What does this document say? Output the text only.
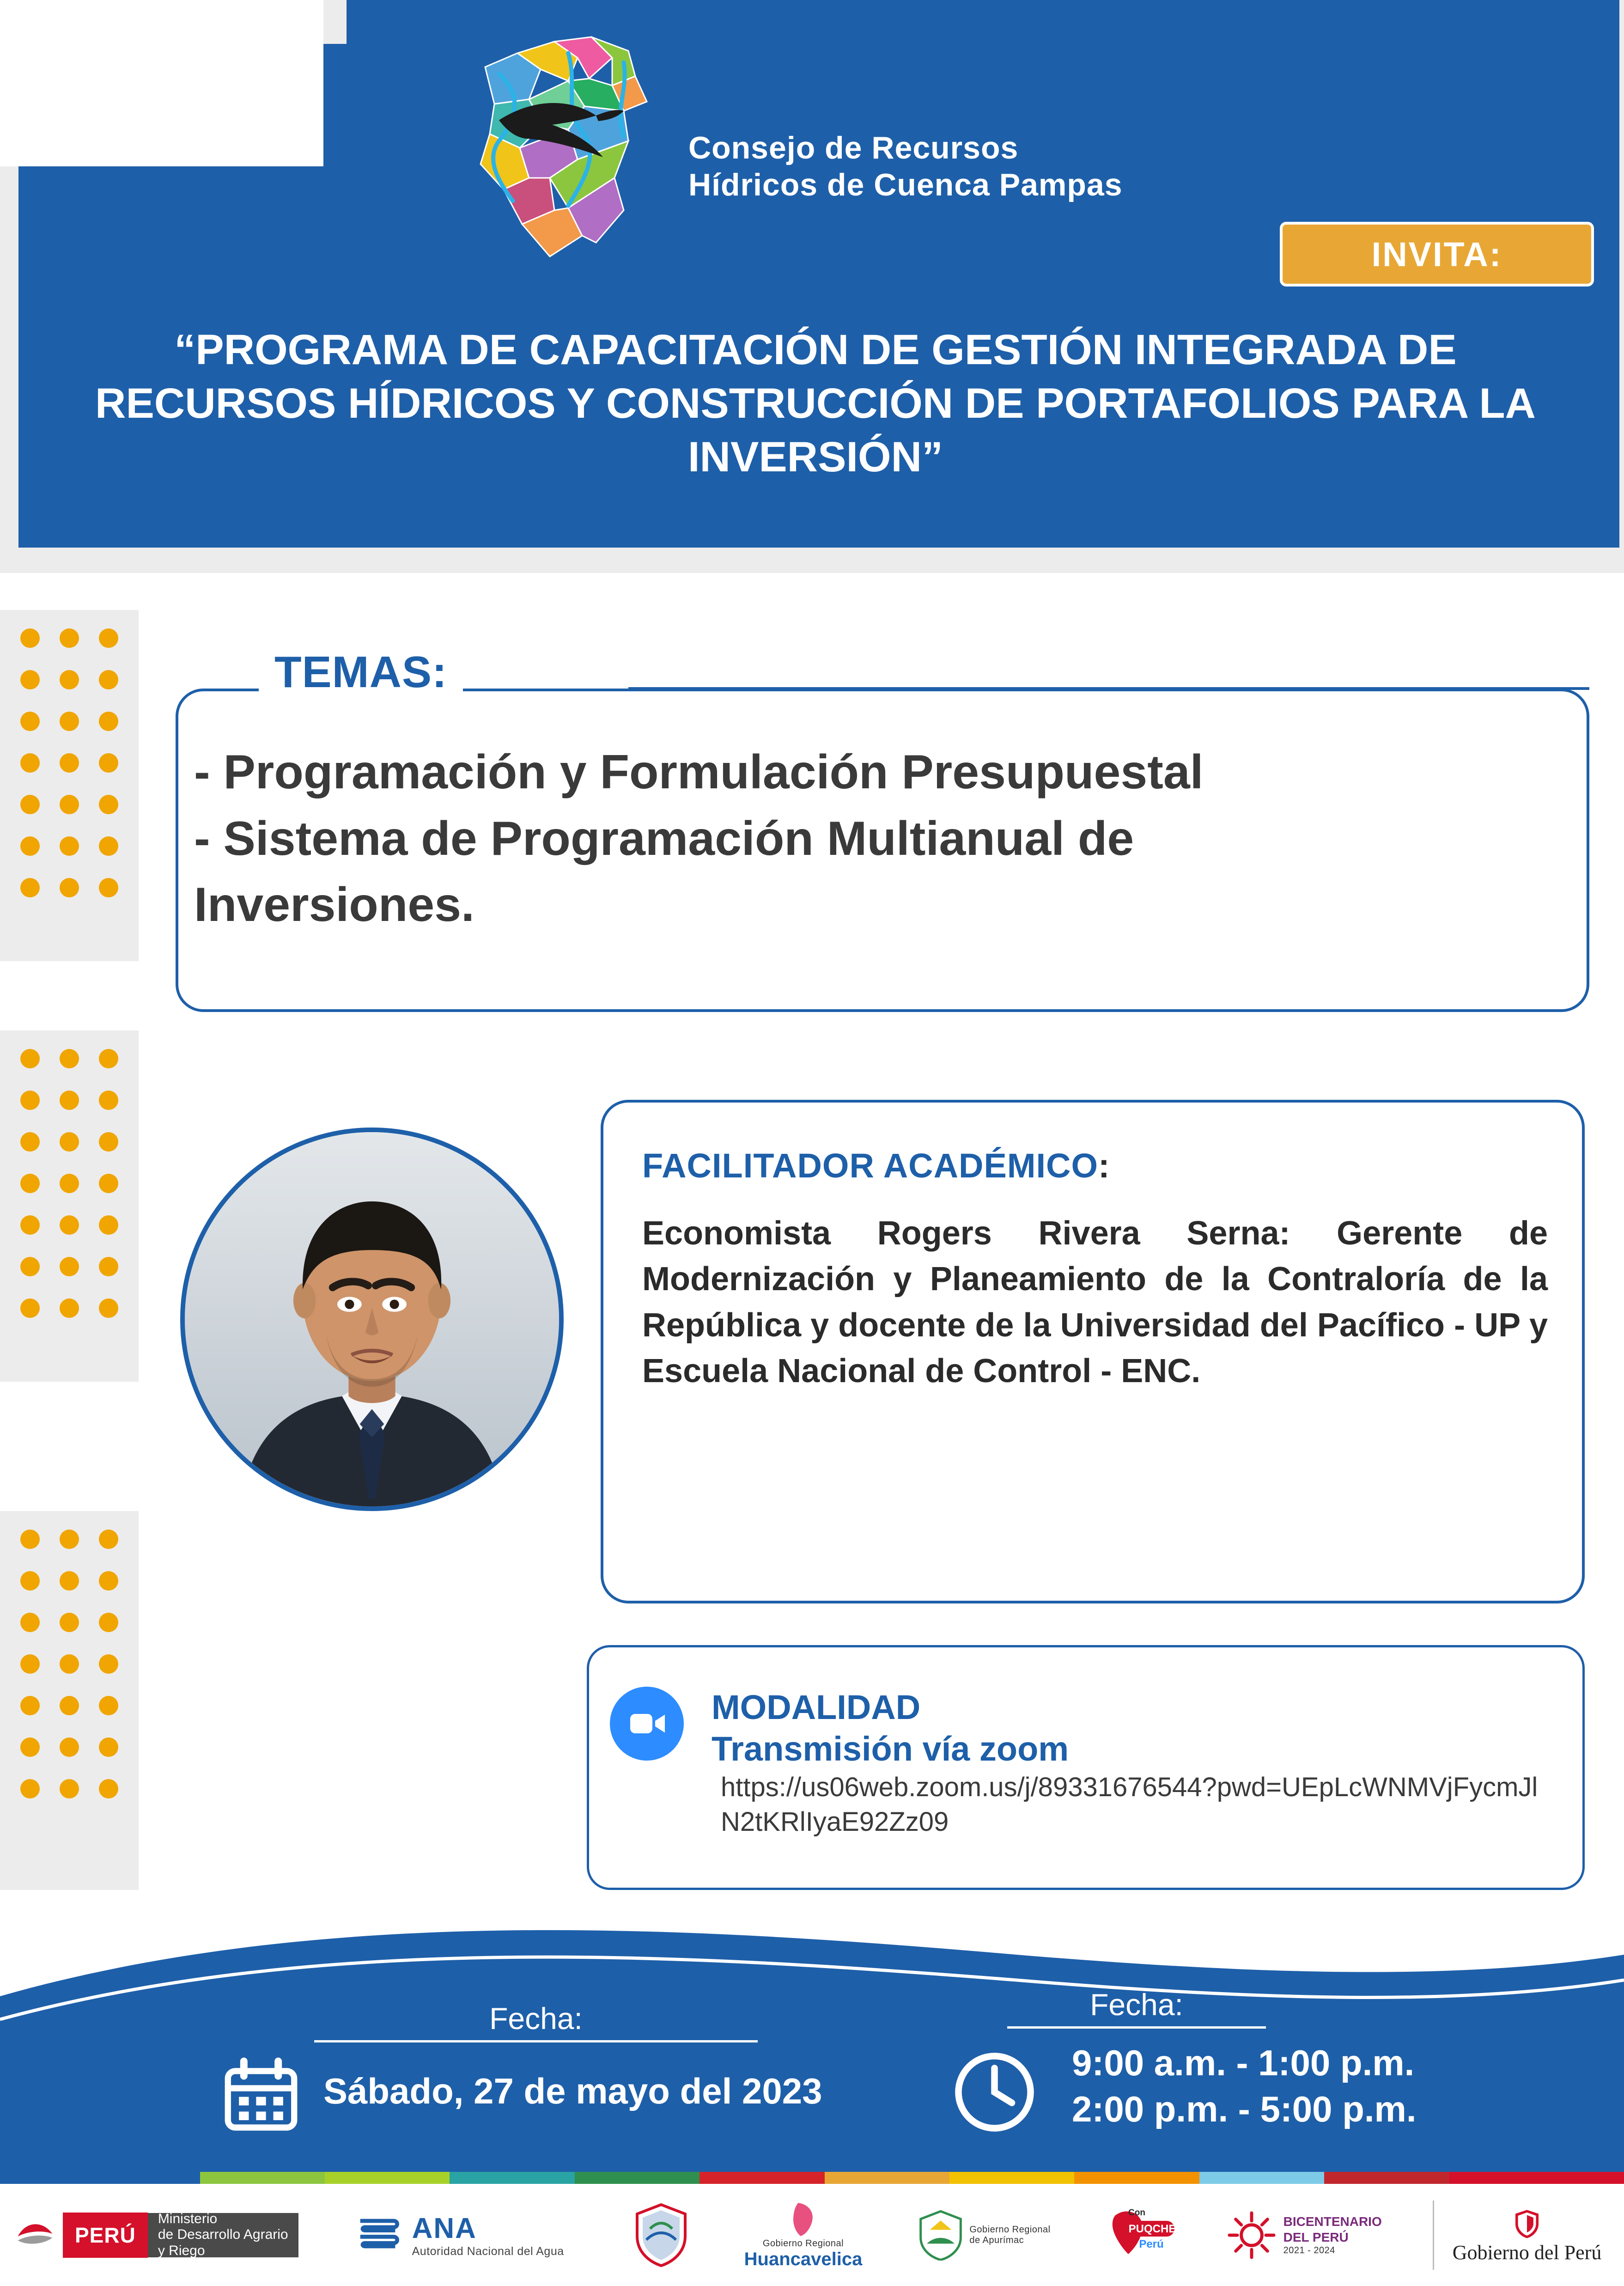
Consejo de Recursos
Hídricos de Cuenca Pampas
INVITA:
“PROGRAMA DE CAPACITACIÓN DE GESTIÓN INTEGRADA DE RECURSOS HÍDRICOS Y CONSTRUCCIÓN DE PORTAFOLIOS PARA LA INVERSIÓN”
TEMAS:
- Programación y Formulación Presupuestal
- Sistema de Programación Multianual de
Inversiones.
FACILITADOR ACADÉMICO:
Economista Rogers Rivera Serna: Gerente de Modernización y Planeamiento de la Contraloría de la República y docente de la Universidad del Pacífico - UP y Escuela Nacional de Control - ENC.
MODALIDAD
Transmisión vía zoom
https://us06web.zoom.us/j/89331676544?pwd=UEpLcWNMVjFycmJlN2tKRlIyaE92Zz09
Fecha:
Sábado, 27 de mayo del 2023
Fecha:
9:00 a.m. - 1:00 p.m.
2:00 p.m. - 5:00 p.m.
PERÚ
Ministerio
de Desarrollo Agrario
y Riego
ANA
Autoridad Nacional del Agua
Gobierno Regional
Huancavelica
Gobierno Regional
de Apurímac
PUQCHE
Con
Perú
BICENTENARIO
DEL PERÚ
2021 - 2024	Gobierno del Perú
